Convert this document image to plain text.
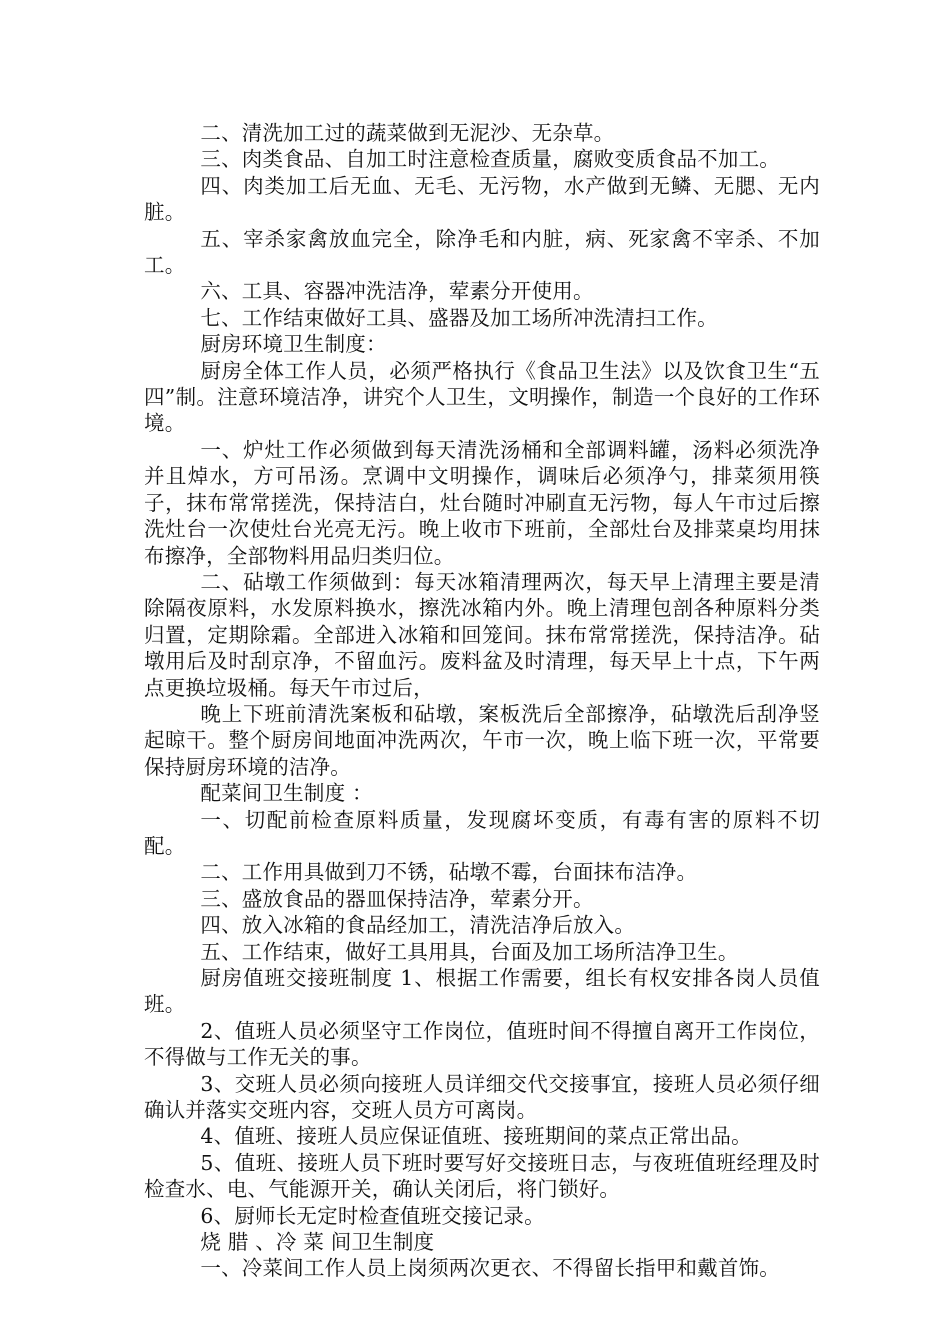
二、清洗加工过的蔬菜做到无泥沙、无杂草。

三、肉类食品、自加工时注意检查质量，腐败变质食品不加工。

四、肉类加工后无血、无毛、无污物，水产做到无鳞、无腮、无内脏。

五、宰杀家禽放血完全，除净毛和内脏，病、死家禽不宰杀、不加工。

六、工具、容器冲洗洁净，荤素分开使用。

七、工作结束做好工具、盛器及加工场所冲洗清扫工作。

厨房环境卫生制度：

厨房全体工作人员，必须严格执行《食品卫生法》以及饮食卫生“五四”制。注意环境洁净，讲究个人卫生，文明操作，制造一个良好的工作环境。

一、炉灶工作必须做到每天清洗汤桶和全部调料罐，汤料必须洗净并且焯水，方可吊汤。烹调中文明操作，调味后必须净勺，排菜须用筷子，抹布常常搓洗，保持洁白，灶台随时冲刷直无污物，每人午市过后擦洗灶台一次使灶台光亮无污。晚上收市下班前，全部灶台及排菜桌均用抹布擦净，全部物料用品归类归位。

二、砧墩工作须做到：每天冰箱清理两次，每天早上清理主要是清除隔夜原料，水发原料换水，擦洗冰箱内外。晚上清理包剖各种原料分类归置，定期除霜。全部进入冰箱和回笼间。抹布常常搓洗，保持洁净。砧墩用后及时刮京净，不留血污。废料盆及时清理，每天早上十点，下午两点更换垃圾桶。每天午市过后，

晚上下班前清洗案板和砧墩，案板洗后全部擦净，砧墩洗后刮净竖起晾干。整个厨房间地面冲洗两次，午市一次，晚上临下班一次，平常要保持厨房环境的洁净。

配菜间卫生制度 ：

一、切配前检查原料质量，发现腐坏变质，有毒有害的原料不切配。

二、工作用具做到刀不锈，砧墩不霉，台面抹布洁净。

三、盛放食品的器皿保持洁净，荤素分开。

四、放入冰箱的食品经加工，清洗洁净后放入。

五、工作结束，做好工具用具，台面及加工场所洁净卫生。

厨房值班交接班制度 1、根据工作需要，组长有权安排各岗人员值班。

2、值班人员必须坚守工作岗位，值班时间不得擅自离开工作岗位，不得做与工作无关的事。

3、交班人员必须向接班人员详细交代交接事宜，接班人员必须仔细确认并落实交班内容，交班人员方可离岗。

4、值班、接班人员应保证值班、接班期间的菜点正常出品。

5、值班、接班人员下班时要写好交接班日志，与夜班值班经理及时检查水、电、气能源开关，确认关闭后，将门锁好。

6、厨师长无定时检查值班交接记录。

烧 腊 、冷 菜 间卫生制度

一、冷菜间工作人员上岗须两次更衣、不得留长指甲和戴首饰。
